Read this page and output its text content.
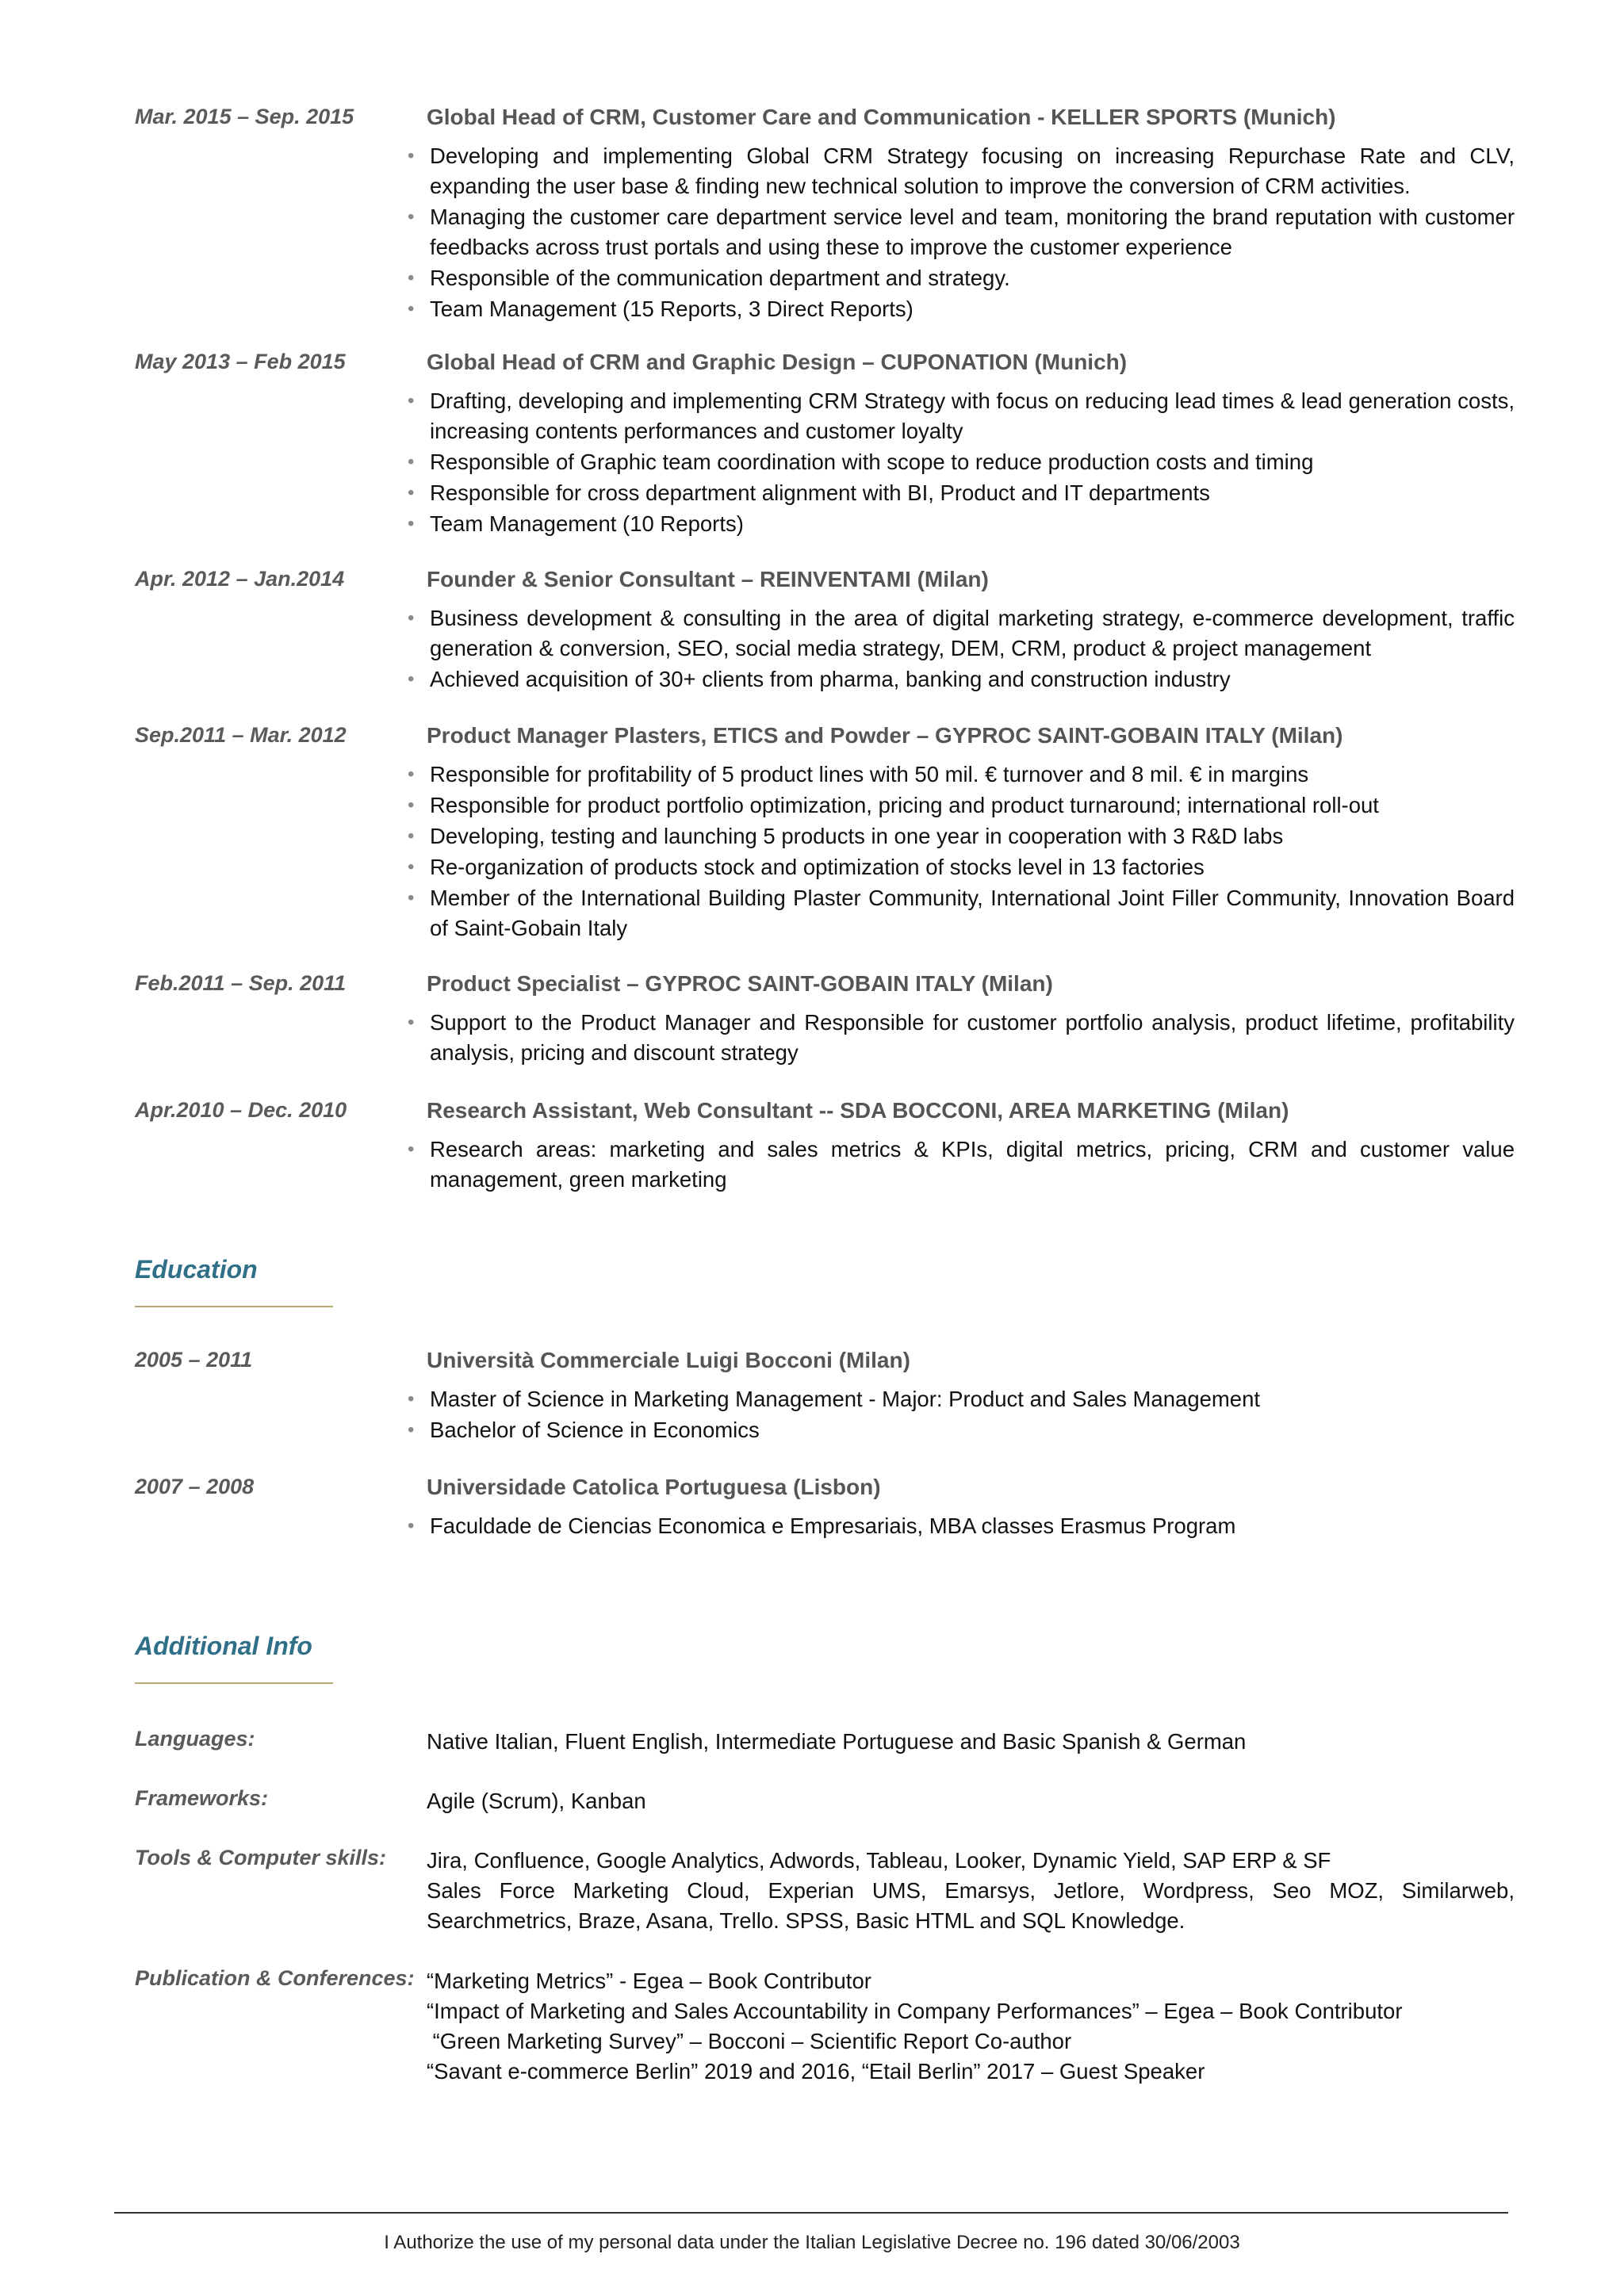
Mar. 2015 – Sep. 2015	Global Head of CRM, Customer Care and Communication - KELLER SPORTS (Munich)
• Developing and implementing Global CRM Strategy focusing on increasing Repurchase Rate and CLV, expanding the user base & finding new technical solution to improve the conversion of CRM activities.
• Managing the customer care department service level and team, monitoring the brand reputation with customer feedbacks across trust portals and using these to improve the customer experience
• Responsible of the communication department and strategy.
• Team Management (15 Reports, 3 Direct Reports)
May 2013 – Feb 2015	Global Head of CRM and Graphic Design – CUPONATION (Munich)
• Drafting, developing and implementing CRM Strategy with focus on reducing lead times & lead generation costs, increasing contents performances and customer loyalty
• Responsible of Graphic team coordination with scope to reduce production costs and timing
• Responsible for cross department alignment with BI, Product and IT departments
• Team Management (10 Reports)
Apr. 2012 – Jan.2014	Founder & Senior Consultant – REINVENTAMI (Milan)
• Business development & consulting in the area of digital marketing strategy, e-commerce development, traffic generation & conversion, SEO, social media strategy, DEM, CRM, product & project management
• Achieved acquisition of 30+ clients from pharma, banking and construction industry
Sep.2011 – Mar. 2012	Product Manager Plasters, ETICS and Powder – GYPROC SAINT-GOBAIN ITALY (Milan)
• Responsible for profitability of 5 product lines with 50 mil. € turnover and 8 mil. € in margins
• Responsible for product portfolio optimization, pricing and product turnaround; international roll-out
• Developing, testing and launching 5 products in one year in cooperation with 3 R&D labs
• Re-organization of products stock and optimization of stocks level in 13 factories
• Member of the International Building Plaster Community, International Joint Filler Community, Innovation Board of Saint-Gobain Italy
Feb.2011 – Sep. 2011	Product Specialist – GYPROC SAINT-GOBAIN ITALY (Milan)
• Support to the Product Manager and Responsible for customer portfolio analysis, product lifetime, profitability analysis, pricing and discount strategy
Apr.2010 – Dec. 2010	Research Assistant, Web Consultant -- SDA BOCCONI, AREA MARKETING (Milan)
• Research areas: marketing and sales metrics & KPIs, digital metrics, pricing, CRM and customer value management, green marketing
Education
2005 – 2011	Università Commerciale Luigi Bocconi (Milan)
• Master of Science in Marketing Management - Major: Product and Sales Management
• Bachelor of Science in Economics
2007 – 2008	Universidade Catolica Portuguesa (Lisbon)
• Faculdade de Ciencias Economica e Empresariais, MBA classes Erasmus Program
Additional Info
Languages:	Native Italian, Fluent English, Intermediate Portuguese and Basic Spanish & German
Frameworks:	Agile (Scrum), Kanban
Tools & Computer skills: Jira, Confluence, Google Analytics, Adwords, Tableau, Looker, Dynamic Yield, SAP ERP & SF
Sales Force Marketing Cloud, Experian UMS, Emarsys, Jetlore, Wordpress, Seo MOZ, Similarweb, Searchmetrics, Braze, Asana, Trello. SPSS, Basic HTML and SQL Knowledge.
Publication & Conferences: “Marketing Metrics” - Egea – Book Contributor
“Impact of Marketing and Sales Accountability in Company Performances” – Egea – Book Contributor
“Green Marketing Survey” – Bocconi – Scientific Report Co-author
“Savant e-commerce Berlin” 2019 and 2016, “Etail Berlin” 2017 – Guest Speaker
I Authorize the use of my personal data under the Italian Legislative Decree no. 196 dated 30/06/2003
